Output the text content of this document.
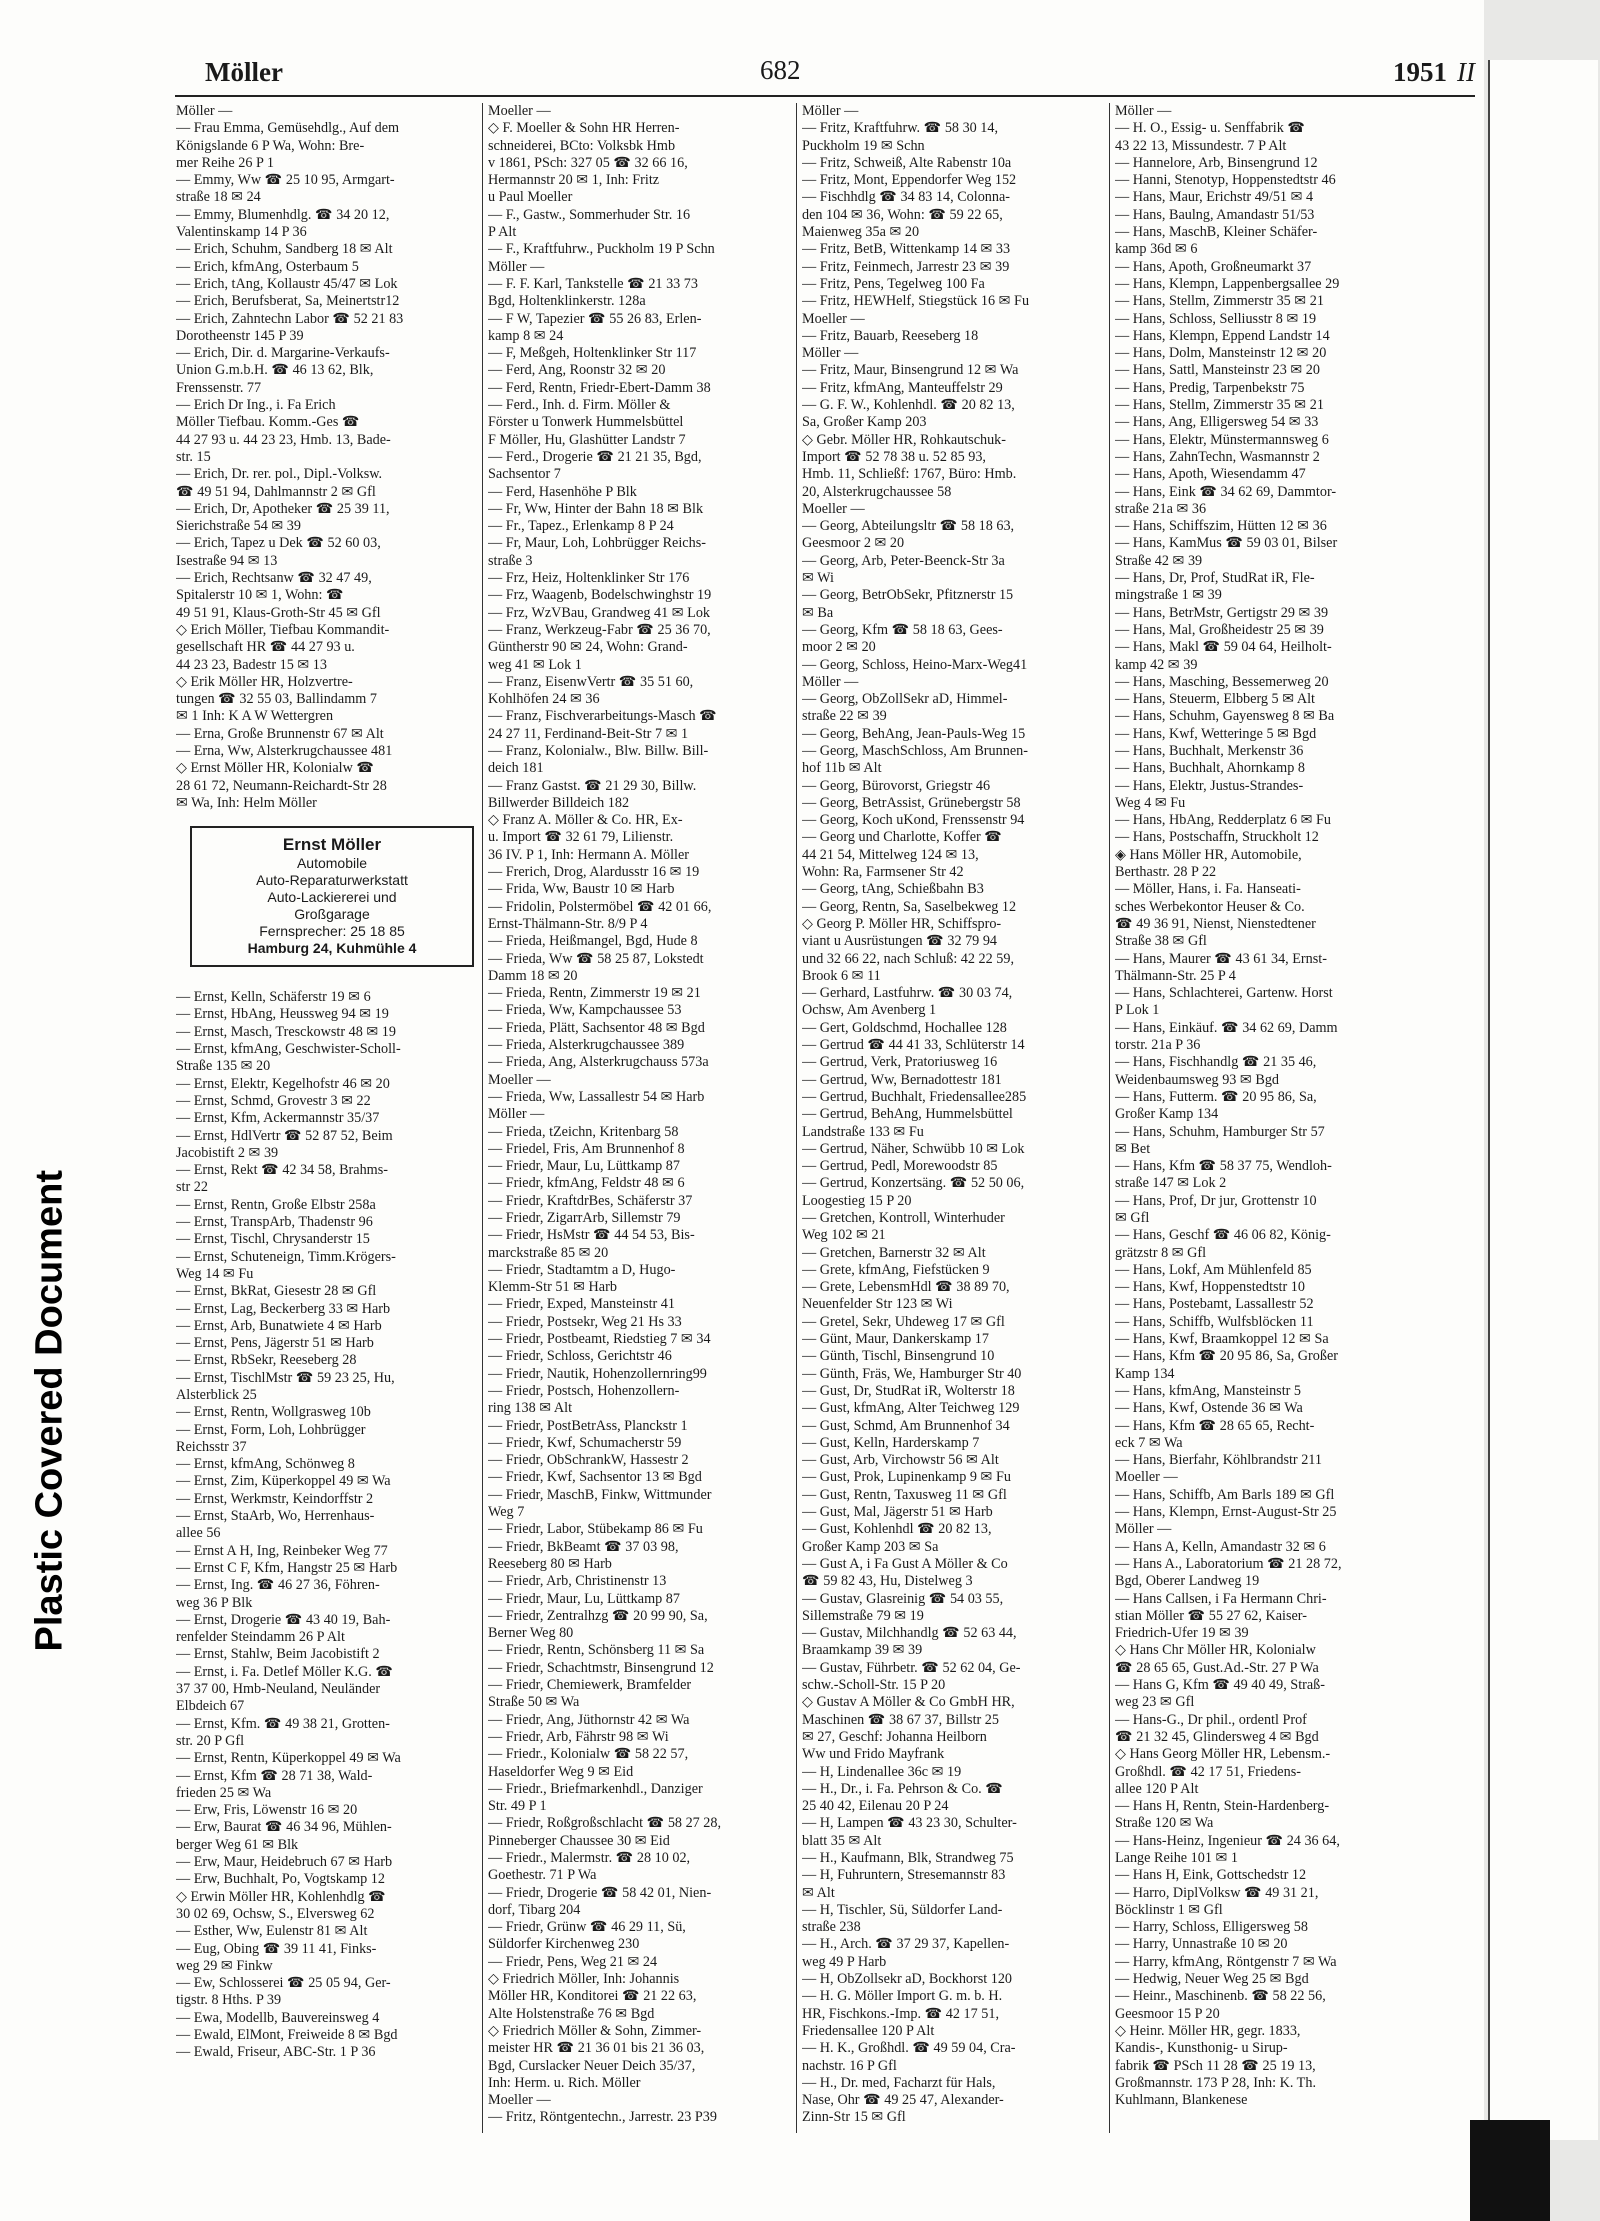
Plastic Covered Document
Möller	682	1951 II
Möller —
— Frau Emma, Gemüsehdlg., Auf dem
Königslande 6 P Wa, Wohn: Bre-
mer Reihe 26 P 1
— Emmy, Ww ☎ 25 10 95, Armgart-
straße 18 ✉ 24
— Emmy, Blumenhdlg. ☎ 34 20 12,
Valentinskamp 14 P 36
— Erich, Schuhm, Sandberg 18 ✉ Alt
— Erich, kfmAng, Osterbaum 5
— Erich, tAng, Kollaustr 45/47 ✉ Lok
— Erich, Berufsberat, Sa, Meinertstr12
— Erich, Zahntechn Labor ☎ 52 21 83
Dorotheenstr 145 P 39
— Erich, Dir. d. Margarine-Verkaufs-
Union G.m.b.H. ☎ 46 13 62, Blk,
Frenssenstr. 77
— Erich Dr Ing., i. Fa Erich
Möller Tiefbau. Komm.-Ges ☎
44 27 93 u. 44 23 23, Hmb. 13, Bade-
str. 15
— Erich, Dr. rer. pol., Dipl.-Volksw.
☎ 49 51 94, Dahlmannstr 2 ✉ Gfl
— Erich, Dr, Apotheker ☎ 25 39 11,
Sierichstraße 54 ✉ 39
— Erich, Tapez u Dek ☎ 52 60 03,
Isestraße 94 ✉ 13
— Erich, Rechtsanw ☎ 32 47 49,
Spitalerstr 10 ✉ 1, Wohn: ☎
49 51 91, Klaus-Groth-Str 45 ✉ Gfl
◇ Erich Möller, Tiefbau Kommandit-
gesellschaft HR ☎ 44 27 93 u.
44 23 23, Badestr 15 ✉ 13
◇ Erik Möller HR, Holzvertre-
tungen ☎ 32 55 03, Ballindamm 7
✉ 1 Inh: K A W Wettergren
— Erna, Große Brunnenstr 67 ✉ Alt
— Erna, Ww, Alsterkrugchaussee 481
◇ Ernst Möller HR, Kolonialw ☎
28 61 72, Neumann-Reichardt-Str 28
✉ Wa, Inh: Helm Möller
Ernst Möller
Automobile
Auto-Reparaturwerkstatt
Auto-Lackiererei und
Großgarage
Fernsprecher: 25 18 85
Hamburg 24, Kuhmühle 4
— Ernst, Kelln, Schäferstr 19 ✉ 6
— Ernst, HbAng, Heussweg 94 ✉ 19
— Ernst, Masch, Tresckowstr 48 ✉ 19
— Ernst, kfmAng, Geschwister-Scholl-
Straße 135 ✉ 20
— Ernst, Elektr, Kegelhofstr 46 ✉ 20
— Ernst, Schmd, Grovestr 3 ✉ 22
— Ernst, Kfm, Ackermannstr 35/37
— Ernst, HdlVertr ☎ 52 87 52, Beim
Jacobistift 2 ✉ 39
— Ernst, Rekt ☎ 42 34 58, Brahms-
str 22
— Ernst, Rentn, Große Elbstr 258a
— Ernst, TranspArb, Thadenstr 96
— Ernst, Tischl, Chrysanderstr 15
— Ernst, Schuteneign, Timm.Krögers-
Weg 14 ✉ Fu
— Ernst, BkRat, Giesestr 28 ✉ Gfl
— Ernst, Lag, Beckerberg 33 ✉ Harb
— Ernst, Arb, Bunatwiete 4 ✉ Harb
— Ernst, Pens, Jägerstr 51 ✉ Harb
— Ernst, RbSekr, Reeseberg 28
— Ernst, TischlMstr ☎ 59 23 25, Hu,
Alsterblick 25
— Ernst, Rentn, Wollgrasweg 10b
— Ernst, Form, Loh, Lohbrügger
Reichsstr 37
— Ernst, kfmAng, Schönweg 8
— Ernst, Zim, Küperkoppel 49 ✉ Wa
— Ernst, Werkmstr, Keindorffstr 2
— Ernst, StaArb, Wo, Herrenhaus-
allee 56
— Ernst A H, Ing, Reinbeker Weg 77
— Ernst C F, Kfm, Hangstr 25 ✉ Harb
— Ernst, Ing. ☎ 46 27 36, Föhren-
weg 36 P Blk
— Ernst, Drogerie ☎ 43 40 19, Bah-
renfelder Steindamm 26 P Alt
— Ernst, Stahlw, Beim Jacobistift 2
— Ernst, i. Fa. Detlef Möller K.G. ☎
37 37 00, Hmb-Neuland, Neuländer
Elbdeich 67
— Ernst, Kfm. ☎ 49 38 21, Grotten-
str. 20 P Gfl
— Ernst, Rentn, Küperkoppel 49 ✉ Wa
— Ernst, Kfm ☎ 28 71 38, Wald-
frieden 25 ✉ Wa
— Erw, Fris, Löwenstr 16 ✉ 20
— Erw, Baurat ☎ 46 34 96, Mühlen-
berger Weg 61 ✉ Blk
— Erw, Maur, Heidebruch 67 ✉ Harb
— Erw, Buchhalt, Po, Vogtskamp 12
◇ Erwin Möller HR, Kohlenhdlg ☎
30 02 69, Ochsw, S., Elversweg 62
— Esther, Ww, Eulenstr 81 ✉ Alt
— Eug, Obing ☎ 39 11 41, Finks-
weg 29 ✉ Finkw
— Ew, Schlosserei ☎ 25 05 94, Ger-
tigstr. 8 Hths. P 39
— Ewa, Modellb, Bauvereinsweg 4
— Ewald, ElMont, Freiweide 8 ✉ Bgd
— Ewald, Friseur, ABC-Str. 1 P 36
Moeller —
◇ F. Moeller & Sohn HR Herren-
schneiderei, BCto: Volksbk Hmb
v 1861, PSch: 327 05 ☎ 32 66 16,
Hermannstr 20 ✉ 1, Inh: Fritz
u Paul Moeller
— F., Gastw., Sommerhuder Str. 16
P Alt
— F., Kraftfuhrw., Puckholm 19 P Schn
Möller —
— F. F. Karl, Tankstelle ☎ 21 33 73
Bgd, Holtenklinkerstr. 128a
— F W, Tapezier ☎ 55 26 83, Erlen-
kamp 8 ✉ 24
— F, Meßgeh, Holtenklinker Str 117
— Ferd, Ang, Roonstr 32 ✉ 20
— Ferd, Rentn, Friedr-Ebert-Damm 38
— Ferd., Inh. d. Firm. Möller &
Förster u Tonwerk Hummelsbüttel
F Möller, Hu, Glashütter Landstr 7
— Ferd., Drogerie ☎ 21 21 35, Bgd,
Sachsentor 7
— Ferd, Hasenhöhe P Blk
— Fr, Ww, Hinter der Bahn 18 ✉ Blk
— Fr., Tapez., Erlenkamp 8 P 24
— Fr, Maur, Loh, Lohbrügger Reichs-
straße 3
— Frz, Heiz, Holtenklinker Str 176
— Frz, Waagenb, Bodelschwinghstr 19
— Frz, WzVBau, Grandweg 41 ✉ Lok
— Franz, Werkzeug-Fabr ☎ 25 36 70,
Güntherstr 90 ✉ 24, Wohn: Grand-
weg 41 ✉ Lok 1
— Franz, EisenwVertr ☎ 35 51 60,
Kohlhöfen 24 ✉ 36
— Franz, Fischverarbeitungs-Masch ☎
24 27 11, Ferdinand-Beit-Str 7 ✉ 1
— Franz, Kolonialw., Blw. Billw. Bill-
deich 181
— Franz Gastst. ☎ 21 29 30, Billw.
Billwerder Billdeich 182
◇ Franz A. Möller & Co. HR, Ex-
u. Import ☎ 32 61 79, Lilienstr.
36 IV. P 1, Inh: Hermann A. Möller
— Frerich, Drog, Alardusstr 16 ✉ 19
— Frida, Ww, Baustr 10 ✉ Harb
— Fridolin, Polstermöbel ☎ 42 01 66,
Ernst-Thälmann-Str. 8/9 P 4
— Frieda, Heißmangel, Bgd, Hude 8
— Frieda, Ww ☎ 58 25 87, Lokstedt
Damm 18 ✉ 20
— Frieda, Rentn, Zimmerstr 19 ✉ 21
— Frieda, Ww, Kampchaussee 53
— Frieda, Plätt, Sachsentor 48 ✉ Bgd
— Frieda, Alsterkrugchaussee 389
— Frieda, Ang, Alsterkrugchauss 573a
Moeller —
— Frieda, Ww, Lassallestr 54 ✉ Harb
Möller —
— Frieda, tZeichn, Kritenbarg 58
— Friedel, Fris, Am Brunnenhof 8
— Friedr, Maur, Lu, Lüttkamp 87
— Friedr, kfmAng, Feldstr 48 ✉ 6
— Friedr, KraftdrBes, Schäferstr 37
— Friedr, ZigarrArb, Sillemstr 79
— Friedr, HsMstr ☎ 44 54 53, Bis-
marckstraße 85 ✉ 20
— Friedr, Stadtamtm a D, Hugo-
Klemm-Str 51 ✉ Harb
— Friedr, Exped, Mansteinstr 41
— Friedr, Postsekr, Weg 21 Hs 33
— Friedr, Postbeamt, Riedstieg 7 ✉ 34
— Friedr, Schloss, Gerichtstr 46
— Friedr, Nautik, Hohenzollernring99
— Friedr, Postsch, Hohenzollern-
ring 138 ✉ Alt
— Friedr, PostBetrAss, Planckstr 1
— Friedr, Kwf, Schumacherstr 59
— Friedr, ObSchrankW, Hassestr 2
— Friedr, Kwf, Sachsentor 13 ✉ Bgd
— Friedr, MaschB, Finkw, Wittmunder
Weg 7
— Friedr, Labor, Stübekamp 86 ✉ Fu
— Friedr, BkBeamt ☎ 37 03 98,
Reeseberg 80 ✉ Harb
— Friedr, Arb, Christinenstr 13
— Friedr, Maur, Lu, Lüttkamp 87
— Friedr, Zentralhzg ☎ 20 99 90, Sa,
Berner Weg 80
— Friedr, Rentn, Schönsberg 11 ✉ Sa
— Friedr, Schachtmstr, Binsengrund 12
— Friedr, Chemiewerk, Bramfelder
Straße 50 ✉ Wa
— Friedr, Ang, Jüthornstr 42 ✉ Wa
— Friedr, Arb, Fährstr 98 ✉ Wi
— Friedr., Kolonialw ☎ 58 22 57,
Haseldorfer Weg 9 ✉ Eid
— Friedr., Briefmarkenhdl., Danziger
Str. 49 P 1
— Friedr, Roßgroßschlacht ☎ 58 27 28,
Pinneberger Chaussee 30 ✉ Eid
— Friedr., Malermstr. ☎ 28 10 02,
Goethestr. 71 P Wa
— Friedr, Drogerie ☎ 58 42 01, Nien-
dorf, Tibarg 204
— Friedr, Grünw ☎ 46 29 11, Sü,
Süldorfer Kirchenweg 230
— Friedr, Pens, Weg 21 ✉ 24
◇ Friedrich Möller, Inh: Johannis
Möller HR, Konditorei ☎ 21 22 63,
Alte Holstenstraße 76 ✉ Bgd
◇ Friedrich Möller & Sohn, Zimmer-
meister HR ☎ 21 36 01 bis 21 36 03,
Bgd, Curslacker Neuer Deich 35/37,
Inh: Herm. u. Rich. Möller
Moeller —
— Fritz, Röntgentechn., Jarrestr. 23 P39
Möller —
— Fritz, Kraftfuhrw. ☎ 58 30 14,
Puckholm 19 ✉ Schn
— Fritz, Schweiß, Alte Rabenstr 10a
— Fritz, Mont, Eppendorfer Weg 152
— Fischhdlg ☎ 34 83 14, Colonna-
den 104 ✉ 36, Wohn: ☎ 59 22 65,
Maienweg 35a ✉ 20
— Fritz, BetB, Wittenkamp 14 ✉ 33
— Fritz, Feinmech, Jarrestr 23 ✉ 39
— Fritz, Pens, Tegelweg 100 Fa
— Fritz, HEWHelf, Stiegstück 16 ✉ Fu
Moeller —
— Fritz, Bauarb, Reeseberg 18
Möller —
— Fritz, Maur, Binsengrund 12 ✉ Wa
— Fritz, kfmAng, Manteuffelstr 29
— G. F. W., Kohlenhdl. ☎ 20 82 13,
Sa, Großer Kamp 203
◇ Gebr. Möller HR, Rohkautschuk-
Import ☎ 52 78 38 u. 52 85 93,
Hmb. 11, Schließf: 1767, Büro: Hmb.
20, Alsterkrugchaussee 58
Moeller —
— Georg, Abteilungsltr ☎ 58 18 63,
Geesmoor 2 ✉ 20
— Georg, Arb, Peter-Beenck-Str 3a
✉ Wi
— Georg, BetrObSekr, Pfitznerstr 15
✉ Ba
— Georg, Kfm ☎ 58 18 63, Gees-
moor 2 ✉ 20
— Georg, Schloss, Heino-Marx-Weg41
Möller —
— Georg, ObZollSekr aD, Himmel-
straße 22 ✉ 39
— Georg, BehAng, Jean-Pauls-Weg 15
— Georg, MaschSchloss, Am Brunnen-
hof 11b ✉ Alt
— Georg, Bürovorst, Griegstr 46
— Georg, BetrAssist, Grünebergstr 58
— Georg, Koch uKond, Frenssenstr 94
— Georg und Charlotte, Koffer ☎
44 21 54, Mittelweg 124 ✉ 13,
Wohn: Ra, Farmsener Str 42
— Georg, tAng, Schießbahn B3
— Georg, Rentn, Sa, Saselbekweg 12
◇ Georg P. Möller HR, Schiffspro-
viant u Ausrüstungen ☎ 32 79 94
und 32 66 22, nach Schluß: 42 22 59,
Brook 6 ✉ 11
— Gerhard, Lastfuhrw. ☎ 30 03 74,
Ochsw, Am Avenberg 1
— Gert, Goldschmd, Hochallee 128
— Gertrud ☎ 44 41 33, Schlüterstr 14
— Gertrud, Verk, Pratoriusweg 16
— Gertrud, Ww, Bernadottestr 181
— Gertrud, Buchhalt, Friedensallee285
— Gertrud, BehAng, Hummelsbüttel
Landstraße 133 ✉ Fu
— Gertrud, Näher, Schwübb 10 ✉ Lok
— Gertrud, Pedl, Morewoodstr 85
— Gertrud, Konzertsäng. ☎ 52 50 06,
Loogestieg 15 P 20
— Gretchen, Kontroll, Winterhuder
Weg 102 ✉ 21
— Gretchen, Barnerstr 32 ✉ Alt
— Grete, kfmAng, Fiefstücken 9
— Grete, LebensmHdl ☎ 38 89 70,
Neuenfelder Str 123 ✉ Wi
— Gretel, Sekr, Uhdeweg 17 ✉ Gfl
— Günt, Maur, Dankerskamp 17
— Günth, Tischl, Binsengrund 10
— Günth, Fräs, We, Hamburger Str 40
— Gust, Dr, StudRat iR, Wolterstr 18
— Gust, kfmAng, Alter Teichweg 129
— Gust, Schmd, Am Brunnenhof 34
— Gust, Kelln, Harderskamp 7
— Gust, Arb, Virchowstr 56 ✉ Alt
— Gust, Prok, Lupinenkamp 9 ✉ Fu
— Gust, Rentn, Taxusweg 11 ✉ Gfl
— Gust, Mal, Jägerstr 51 ✉ Harb
— Gust, Kohlenhdl ☎ 20 82 13,
Großer Kamp 203 ✉ Sa
— Gust A, i Fa Gust A Möller & Co
☎ 59 82 43, Hu, Distelweg 3
— Gustav, Glasreinig ☎ 54 03 55,
Sillemstraße 79 ✉ 19
— Gustav, Milchhandlg ☎ 52 63 44,
Braamkamp 39 ✉ 39
— Gustav, Führbetr. ☎ 52 62 04, Ge-
schw.-Scholl-Str. 15 P 20
◇ Gustav A Möller & Co GmbH HR,
Maschinen ☎ 38 67 37, Billstr 25
✉ 27, Geschf: Johanna Heilborn
Ww und Frido Mayfrank
— H, Lindenallee 36c ✉ 19
— H., Dr., i. Fa. Pehrson & Co. ☎
25 40 42, Eilenau 20 P 24
— H, Lampen ☎ 43 23 30, Schulter-
blatt 35 ✉ Alt
— H., Kaufmann, Blk, Strandweg 75
— H, Fuhruntern, Stresemannstr 83
✉ Alt
— H, Tischler, Sü, Süldorfer Land-
straße 238
— H., Arch. ☎ 37 29 37, Kapellen-
weg 49 P Harb
— H, ObZollsekr aD, Bockhorst 120
— H. G. Möller Import G. m. b. H.
HR, Fischkons.-Imp. ☎ 42 17 51,
Friedensallee 120 P Alt
— H. K., Großhdl. ☎ 49 59 04, Cra-
nachstr. 16 P Gfl
— H., Dr. med, Facharzt für Hals,
Nase, Ohr ☎ 49 25 47, Alexander-
Zinn-Str 15 ✉ Gfl
Möller —
— H. O., Essig- u. Senffabrik ☎
43 22 13, Missundestr. 7 P Alt
— Hannelore, Arb, Binsengrund 12
— Hanni, Stenotyp, Hoppenstedtstr 46
— Hans, Maur, Erichstr 49/51 ✉ 4
— Hans, Baulng, Amandastr 51/53
— Hans, MaschB, Kleiner Schäfer-
kamp 36d ✉ 6
— Hans, Apoth, Großneumarkt 37
— Hans, Klempn, Lappenbergsallee 29
— Hans, Stellm, Zimmerstr 35 ✉ 21
— Hans, Schloss, Selliusstr 8 ✉ 19
— Hans, Klempn, Eppend Landstr 14
— Hans, Dolm, Mansteinstr 12 ✉ 20
— Hans, Sattl, Mansteinstr 23 ✉ 20
— Hans, Predig, Tarpenbekstr 75
— Hans, Stellm, Zimmerstr 35 ✉ 21
— Hans, Ang, Elligersweg 54 ✉ 33
— Hans, Elektr, Münstermannsweg 6
— Hans, ZahnTechn, Wasmannstr 2
— Hans, Apoth, Wiesendamm 47
— Hans, Eink ☎ 34 62 69, Dammtor-
straße 21a ✉ 36
— Hans, Schiffszim, Hütten 12 ✉ 36
— Hans, KamMus ☎ 59 03 01, Bilser
Straße 42 ✉ 39
— Hans, Dr, Prof, StudRat iR, Fle-
mingstraße 1 ✉ 39
— Hans, BetrMstr, Gertigstr 29 ✉ 39
— Hans, Mal, Großheidestr 25 ✉ 39
— Hans, Makl ☎ 59 04 64, Heilholt-
kamp 42 ✉ 39
— Hans, Masching, Bessemerweg 20
— Hans, Steuerm, Elbberg 5 ✉ Alt
— Hans, Schuhm, Gayensweg 8 ✉ Ba
— Hans, Kwf, Wetteringe 5 ✉ Bgd
— Hans, Buchhalt, Merkenstr 36
— Hans, Buchhalt, Ahornkamp 8
— Hans, Elektr, Justus-Strandes-
Weg 4 ✉ Fu
— Hans, HbAng, Redderplatz 6 ✉ Fu
— Hans, Postschaffn, Struckholt 12
◈ Hans Möller HR, Automobile,
Berthastr. 28 P 22
— Möller, Hans, i. Fa. Hanseati-
sches Werbekontor Heuser & Co.
☎ 49 36 91, Nienst, Nienstedtener
Straße 38 ✉ Gfl
— Hans, Maurer ☎ 43 61 34, Ernst-
Thälmann-Str. 25 P 4
— Hans, Schlachterei, Gartenw. Horst
P Lok 1
— Hans, Einkäuf. ☎ 34 62 69, Damm
torstr. 21a P 36
— Hans, Fischhandlg ☎ 21 35 46,
Weidenbaumsweg 93 ✉ Bgd
— Hans, Futterm. ☎ 20 95 86, Sa,
Großer Kamp 134
— Hans, Schuhm, Hamburger Str 57
✉ Bet
— Hans, Kfm ☎ 58 37 75, Wendloh-
straße 147 ✉ Lok 2
— Hans, Prof, Dr jur, Grottenstr 10
✉ Gfl
— Hans, Geschf ☎ 46 06 82, König-
grätzstr 8 ✉ Gfl
— Hans, Lokf, Am Mühlenfeld 85
— Hans, Kwf, Hoppenstedtstr 10
— Hans, Postebamt, Lassallestr 52
— Hans, Schiffb, Wulfsblöcken 11
— Hans, Kwf, Braamkoppel 12 ✉ Sa
— Hans, Kfm ☎ 20 95 86, Sa, Großer
Kamp 134
— Hans, kfmAng, Mansteinstr 5
— Hans, Kwf, Ostende 36 ✉ Wa
— Hans, Kfm ☎ 28 65 65, Recht-
eck 7 ✉ Wa
— Hans, Bierfahr, Köhlbrandstr 211
Moeller —
— Hans, Schiffb, Am Barls 189 ✉ Gfl
— Hans, Klempn, Ernst-August-Str 25
Möller —
— Hans A, Kelln, Amandastr 32 ✉ 6
— Hans A., Laboratorium ☎ 21 28 72,
Bgd, Oberer Landweg 19
— Hans Callsen, i Fa Hermann Chri-
stian Möller ☎ 55 27 62, Kaiser-
Friedrich-Ufer 19 ✉ 39
◇ Hans Chr Möller HR, Kolonialw
☎ 28 65 65, Gust.Ad.-Str. 27 P Wa
— Hans G, Kfm ☎ 49 40 49, Straß-
weg 23 ✉ Gfl
— Hans-G., Dr phil., ordentl Prof
☎ 21 32 45, Glindersweg 4 ✉ Bgd
◇ Hans Georg Möller HR, Lebensm.-
Großhdl. ☎ 42 17 51, Friedens-
allee 120 P Alt
— Hans H, Rentn, Stein-Hardenberg-
Straße 120 ✉ Wa
— Hans-Heinz, Ingenieur ☎ 24 36 64,
Lange Reihe 101 ✉ 1
— Hans H, Eink, Gottschedstr 12
— Harro, DiplVolksw ☎ 49 31 21,
Böcklinstr 1 ✉ Gfl
— Harry, Schloss, Elligersweg 58
— Harry, Unnastraße 10 ✉ 20
— Harry, kfmAng, Röntgenstr 7 ✉ Wa
— Hedwig, Neuer Weg 25 ✉ Bgd
— Heinr., Maschinenb. ☎ 58 22 56,
Geesmoor 15 P 20
◇ Heinr. Möller HR, gegr. 1833,
Kandis-, Kunsthonig- u Sirup-
fabrik ☎ PSch 11 28 ☎ 25 19 13,
Großmannstr. 173 P 28, Inh: K. Th.
Kuhlmann, Blankenese
